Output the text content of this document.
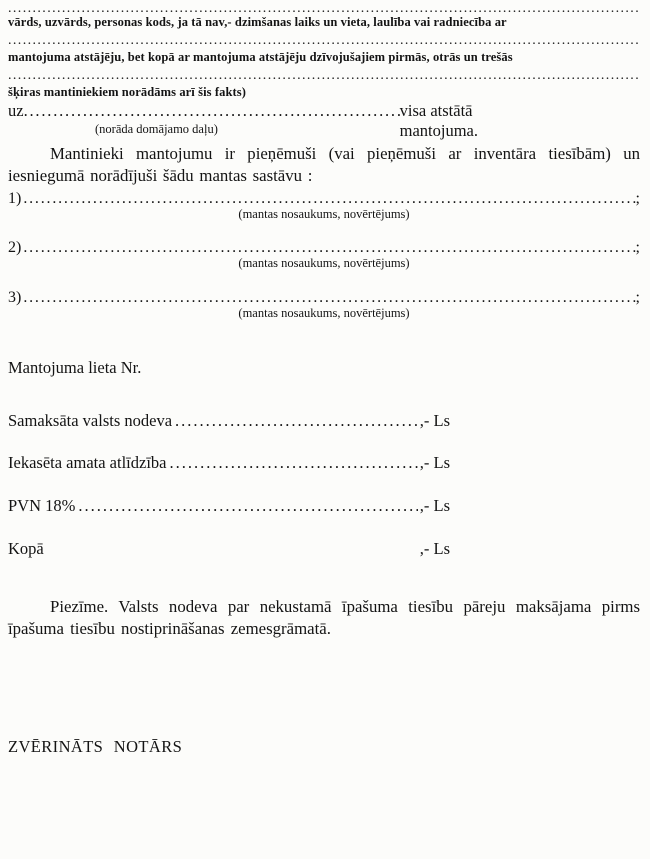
.....
vārds, uzvārds, personas kods, ja tā nav,- dzimšanas laiks un vieta, laulība vai radniecība ar
.....
mantojuma atstājēju, bet kopā ar mantojuma atstājēju dzīvojušajiem pirmās, otrās un trešās
.....
šķiras mantiniekiem norādāms arī šis fakts)
uz .....	visa atstātā mantojuma.
(norāda domājamo daļu)

Mantinieki mantojumu ir pieņēmuši (vai pieņēmuši ar inventāra tiesībām) un iesniegumā norādījuši šādu mantas sastāvu :

1) .....	;
(mantas nosaukums, novērtējums)
2) .....	;
(mantas nosaukums, novērtējums)
3) .....	;
(mantas nosaukums, novērtējums)
Mantojuma lieta Nr.
Samaksāta valsts nodeva .....	,- Ls
Iekasēta amata atlīdzība .....	,- Ls
PVN 18% .....	,- Ls
Kopā	,- Ls

Piezīme. Valsts nodeva par nekustamā īpašuma tiesību pāreju maksājama pirms īpašuma tiesību nostiprināšanas zemesgrāmatā.

ZVĒRINĀTS NOTĀRS
